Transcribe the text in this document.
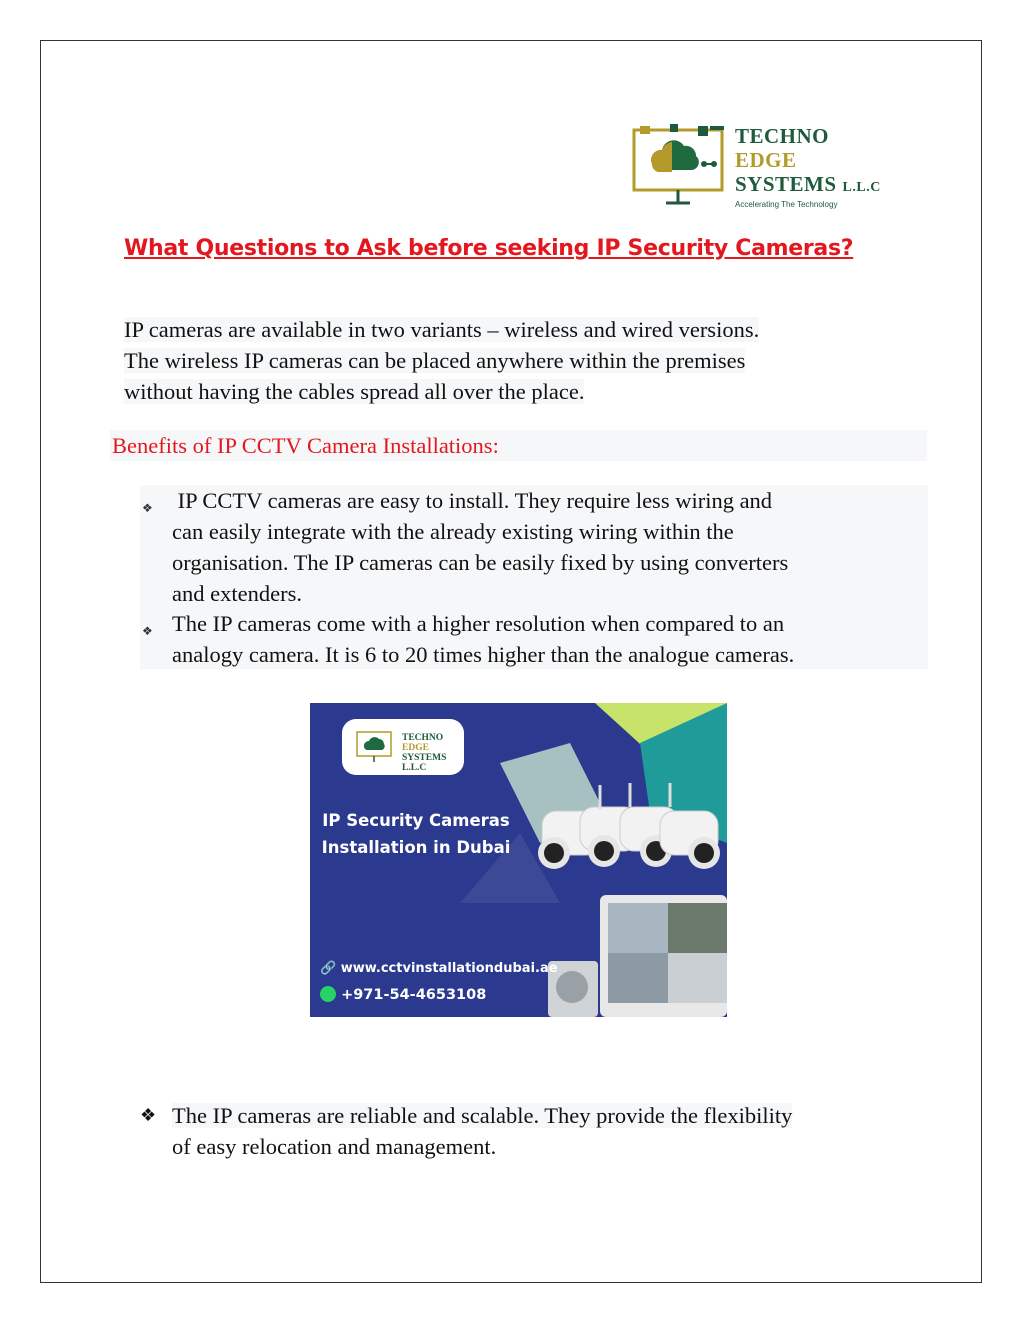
TECHNO
EDGE
SYSTEMS L.L.C
Accelerating The Technology
What Questions to Ask before seeking IP Security Cameras?
IP cameras are available in two variants – wireless and wired versions.
The wireless IP cameras can be placed anywhere within the premises
without having the cables spread all over the place.
Benefits of IP CCTV Camera Installations:
❖ IP CCTV cameras are easy to install. They require less wiring and
can easily integrate with the already existing wiring within the
organisation. The IP cameras can be easily fixed by using converters
and extenders.
❖ The IP cameras come with a higher resolution when compared to an
analogy camera. It is 6 to 20 times higher than the analogue cameras.
TECHNO
EDGE
SYSTEMS L.L.C
IP Security Cameras
Installation in Dubai
🔗 www.cctvinstallationdubai.ae
+971-54-4653108
❖ The IP cameras are reliable and scalable. They provide the flexibility
of easy relocation and management.
